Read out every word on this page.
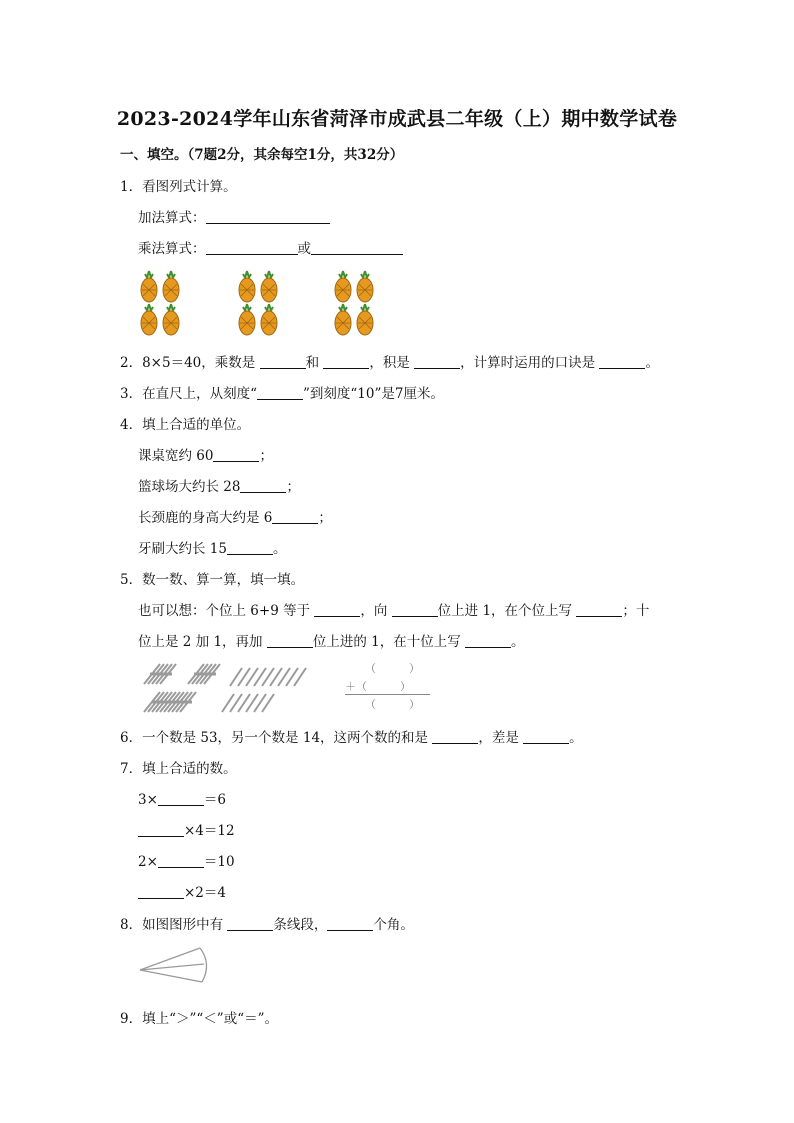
2023-2024学年山东省菏泽市成武县二年级（上）期中数学试卷
一、填空。（7题2分，其余每空1分，共32分）
1．看图列式计算。
加法算式：
乘法算式：	或
2．8×5＝40，乘数是	和	，积是	，计算时运用的口诀是	。
3．在直尺上，从刻度“	”到刻度“10”是7厘米。
4．填上合适的单位。
课桌宽约 60	；
篮球场大约长 28	；
长颈鹿的身高大约是 6	；
牙刷大约长 15	。
5．数一数、算一算，填一填。
也可以想：个位上 6+9 等于	，向	位上进 1，在个位上写	；十
位上是 2 加 1，再加	位上进的 1，在十位上写	。
（　　　）
＋（　　　）
（　　　）
6．一个数是 53，另一个数是 14，这两个数的和是	，差是	。
7．填上合适的数。
3×	＝6
×4＝12
2×	＝10
×2＝4
8．如图图形中有	条线段，	个角。
9．填上“＞”“＜”或“＝”。
